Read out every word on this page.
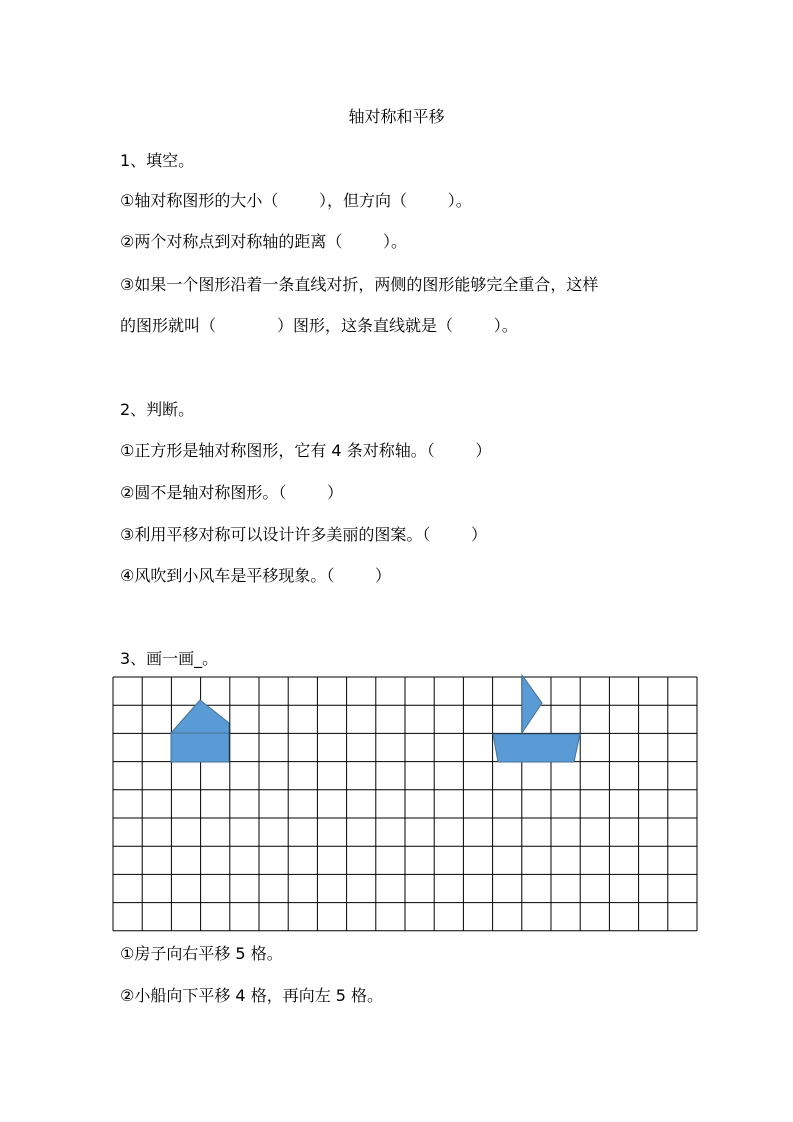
轴对称和平移
1、填空。
①轴对称图形的大小（        ），但方向（        ）。
②两个对称点到对称轴的距离（        ）。
③如果一个图形沿着一条直线对折，两侧的图形能够完全重合，这样
的图形就叫（            ）图形，这条直线就是（        ）。
2、判断。
①正方形是轴对称图形，它有 4 条对称轴。（        ）
②圆不是轴对称图形。（        ）
③利用平移对称可以设计许多美丽的图案。（        ）
④风吹到小风车是平移现象。（        ）
3、画一画_。
①房子向右平移 5 格。
②小船向下平移 4 格，再向左 5 格。
